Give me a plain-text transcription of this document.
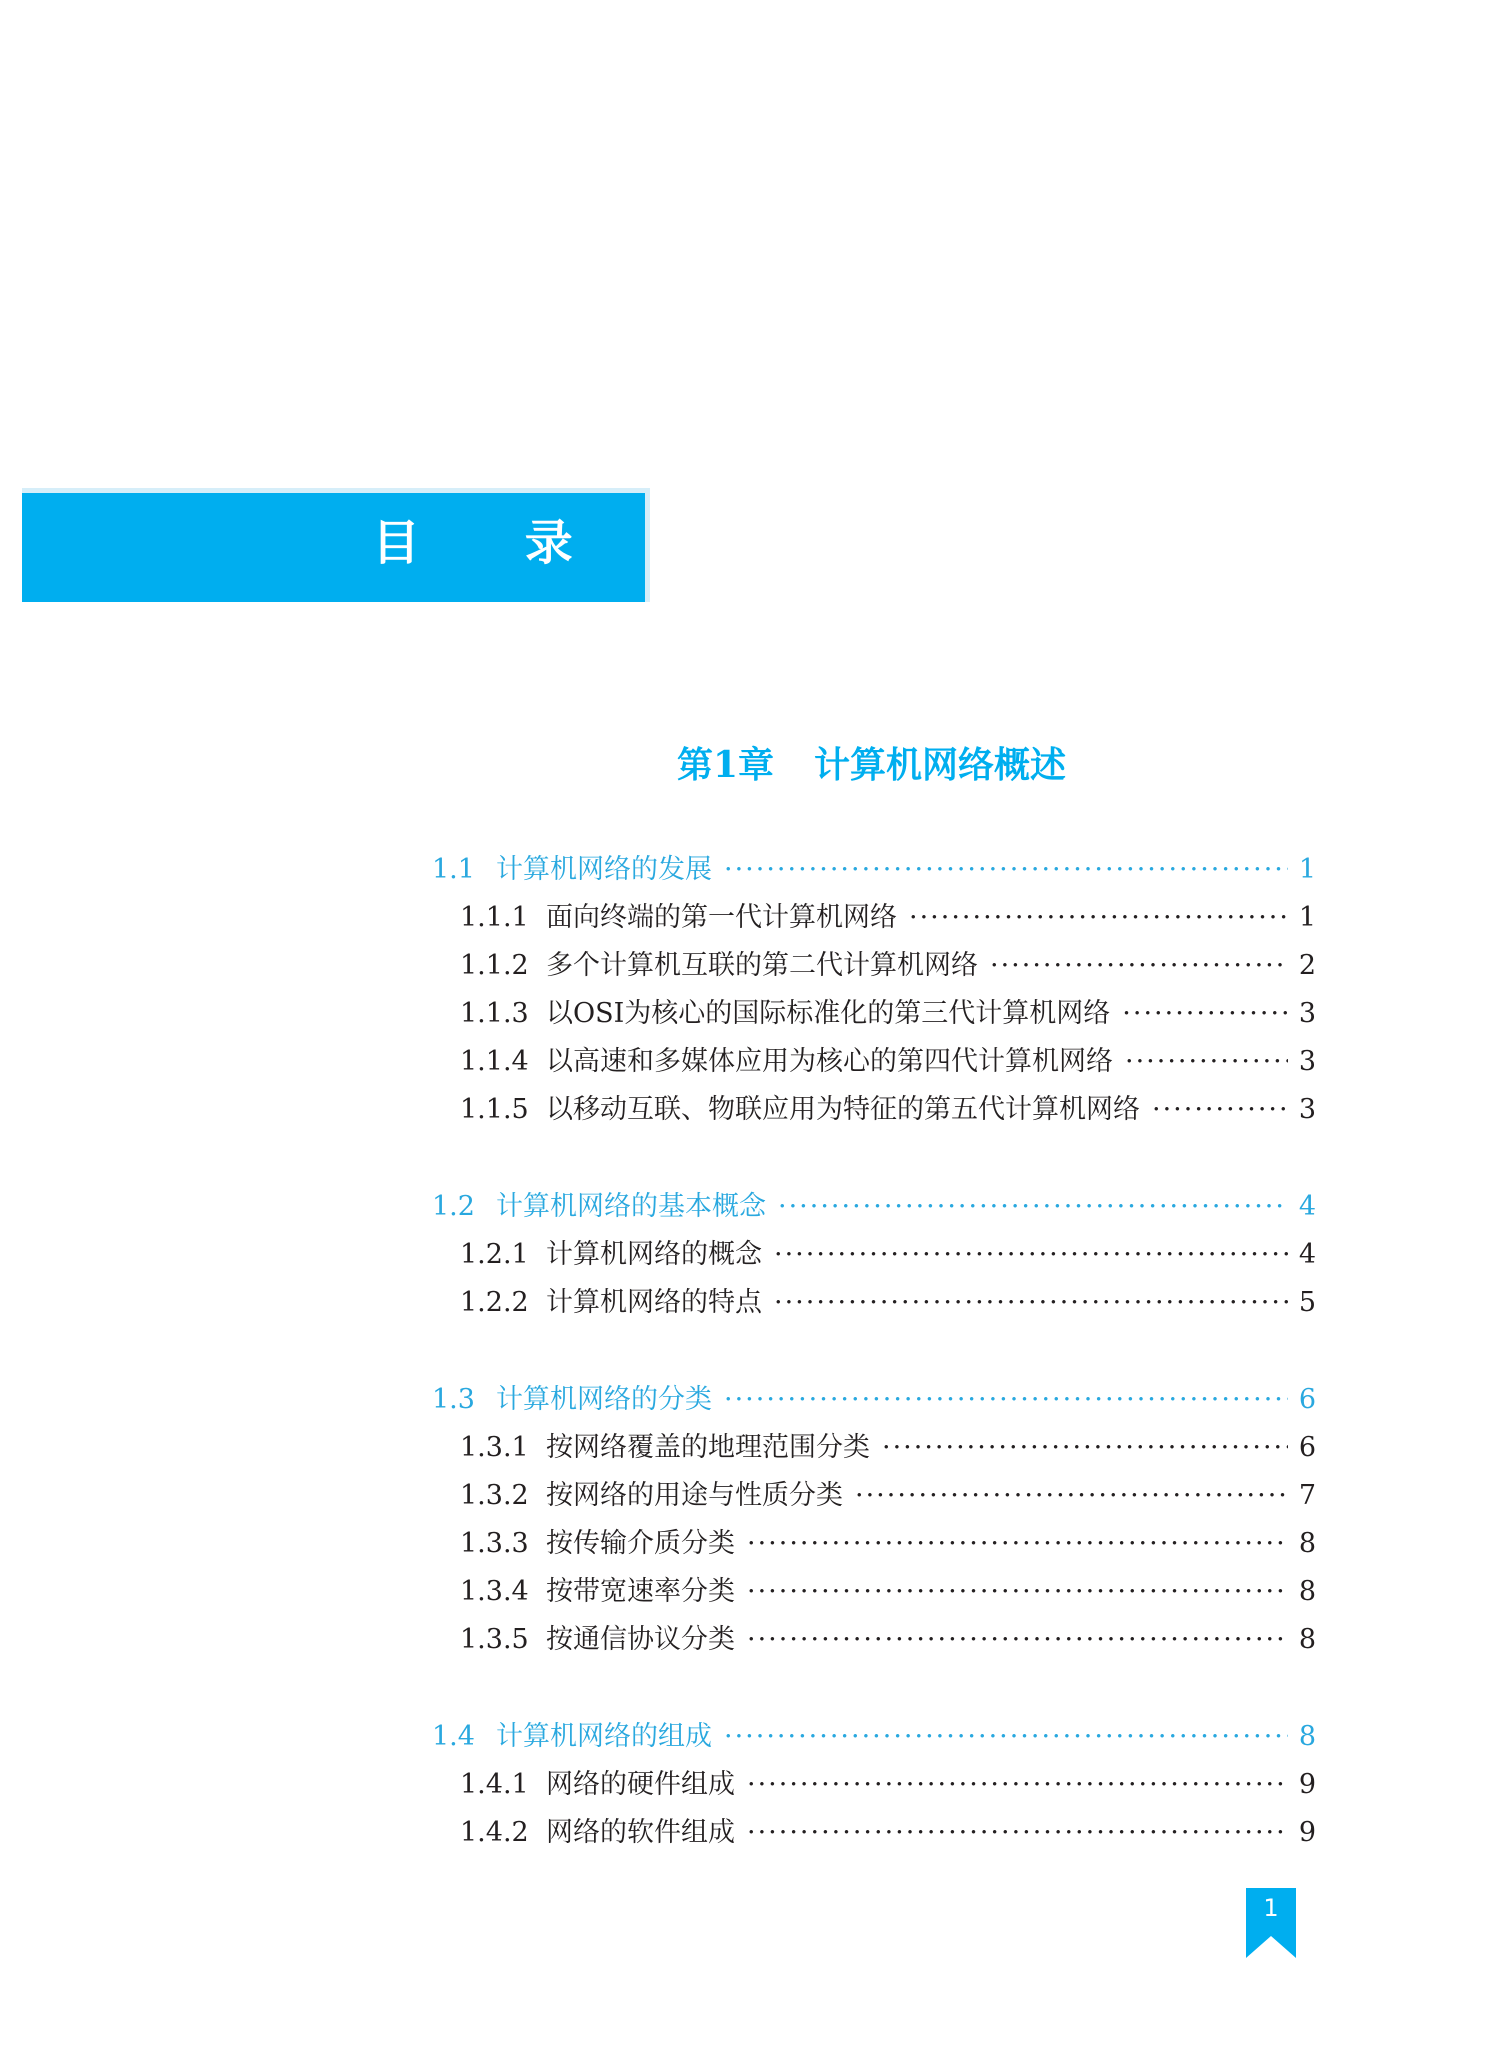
目 录
第1章 计算机网络概述
1.1 计算机网络的发展 ·····	1
1.1.1 面向终端的第一代计算机网络 ·····	1
1.1.2 多个计算机互联的第二代计算机网络 ·····	2
1.1.3 以OSI为核心的国际标准化的第三代计算机网络 ·····	3
1.1.4 以高速和多媒体应用为核心的第四代计算机网络 ·····	3
1.1.5 以移动互联、物联应用为特征的第五代计算机网络 ·····	3
1.2 计算机网络的基本概念 ·····	4
1.2.1 计算机网络的概念 ·····	4
1.2.2 计算机网络的特点 ·····	5
1.3 计算机网络的分类 ·····	6
1.3.1 按网络覆盖的地理范围分类 ·····	6
1.3.2 按网络的用途与性质分类 ·····	7
1.3.3 按传输介质分类 ·····	8
1.3.4 按带宽速率分类 ·····	8
1.3.5 按通信协议分类 ·····	8
1.4 计算机网络的组成 ·····	8
1.4.1 网络的硬件组成 ·····	9
1.4.2 网络的软件组成 ·····	9
1
